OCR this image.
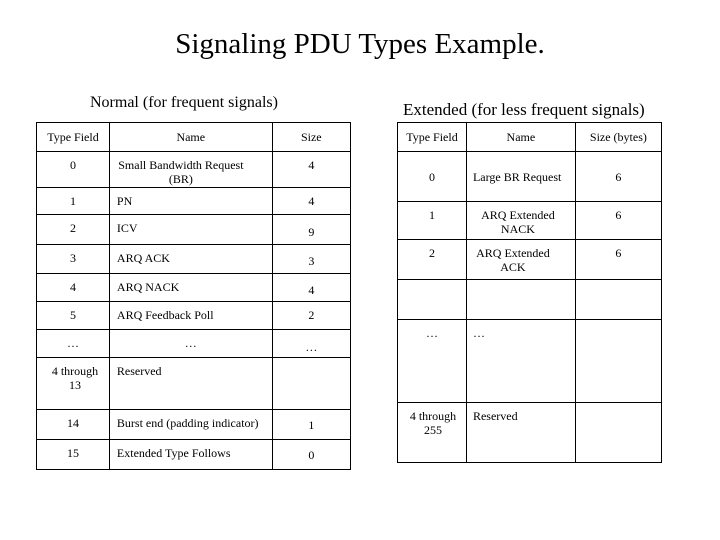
Signaling PDU Types Example.
Normal (for frequent signals)	Extended (for less frequent signals)
Type Field	Name	Size
0	Small Bandwidth Request (BR)	4
1	PN	4
2	ICV	9
3	ARQ ACK	3
4	ARQ NACK	4
5	ARQ Feedback Poll	2
…	…	…

4 through 13	Reserved	
14	Burst end (padding indicator)	1
15	Extended Type Follows	0
Type Field	Name	Size (bytes)
0	Large BR Request	6
1	ARQ Extended NACK	6
2	ARQ Extended ACK	6

…	…	

4 through 255	Reserved	
